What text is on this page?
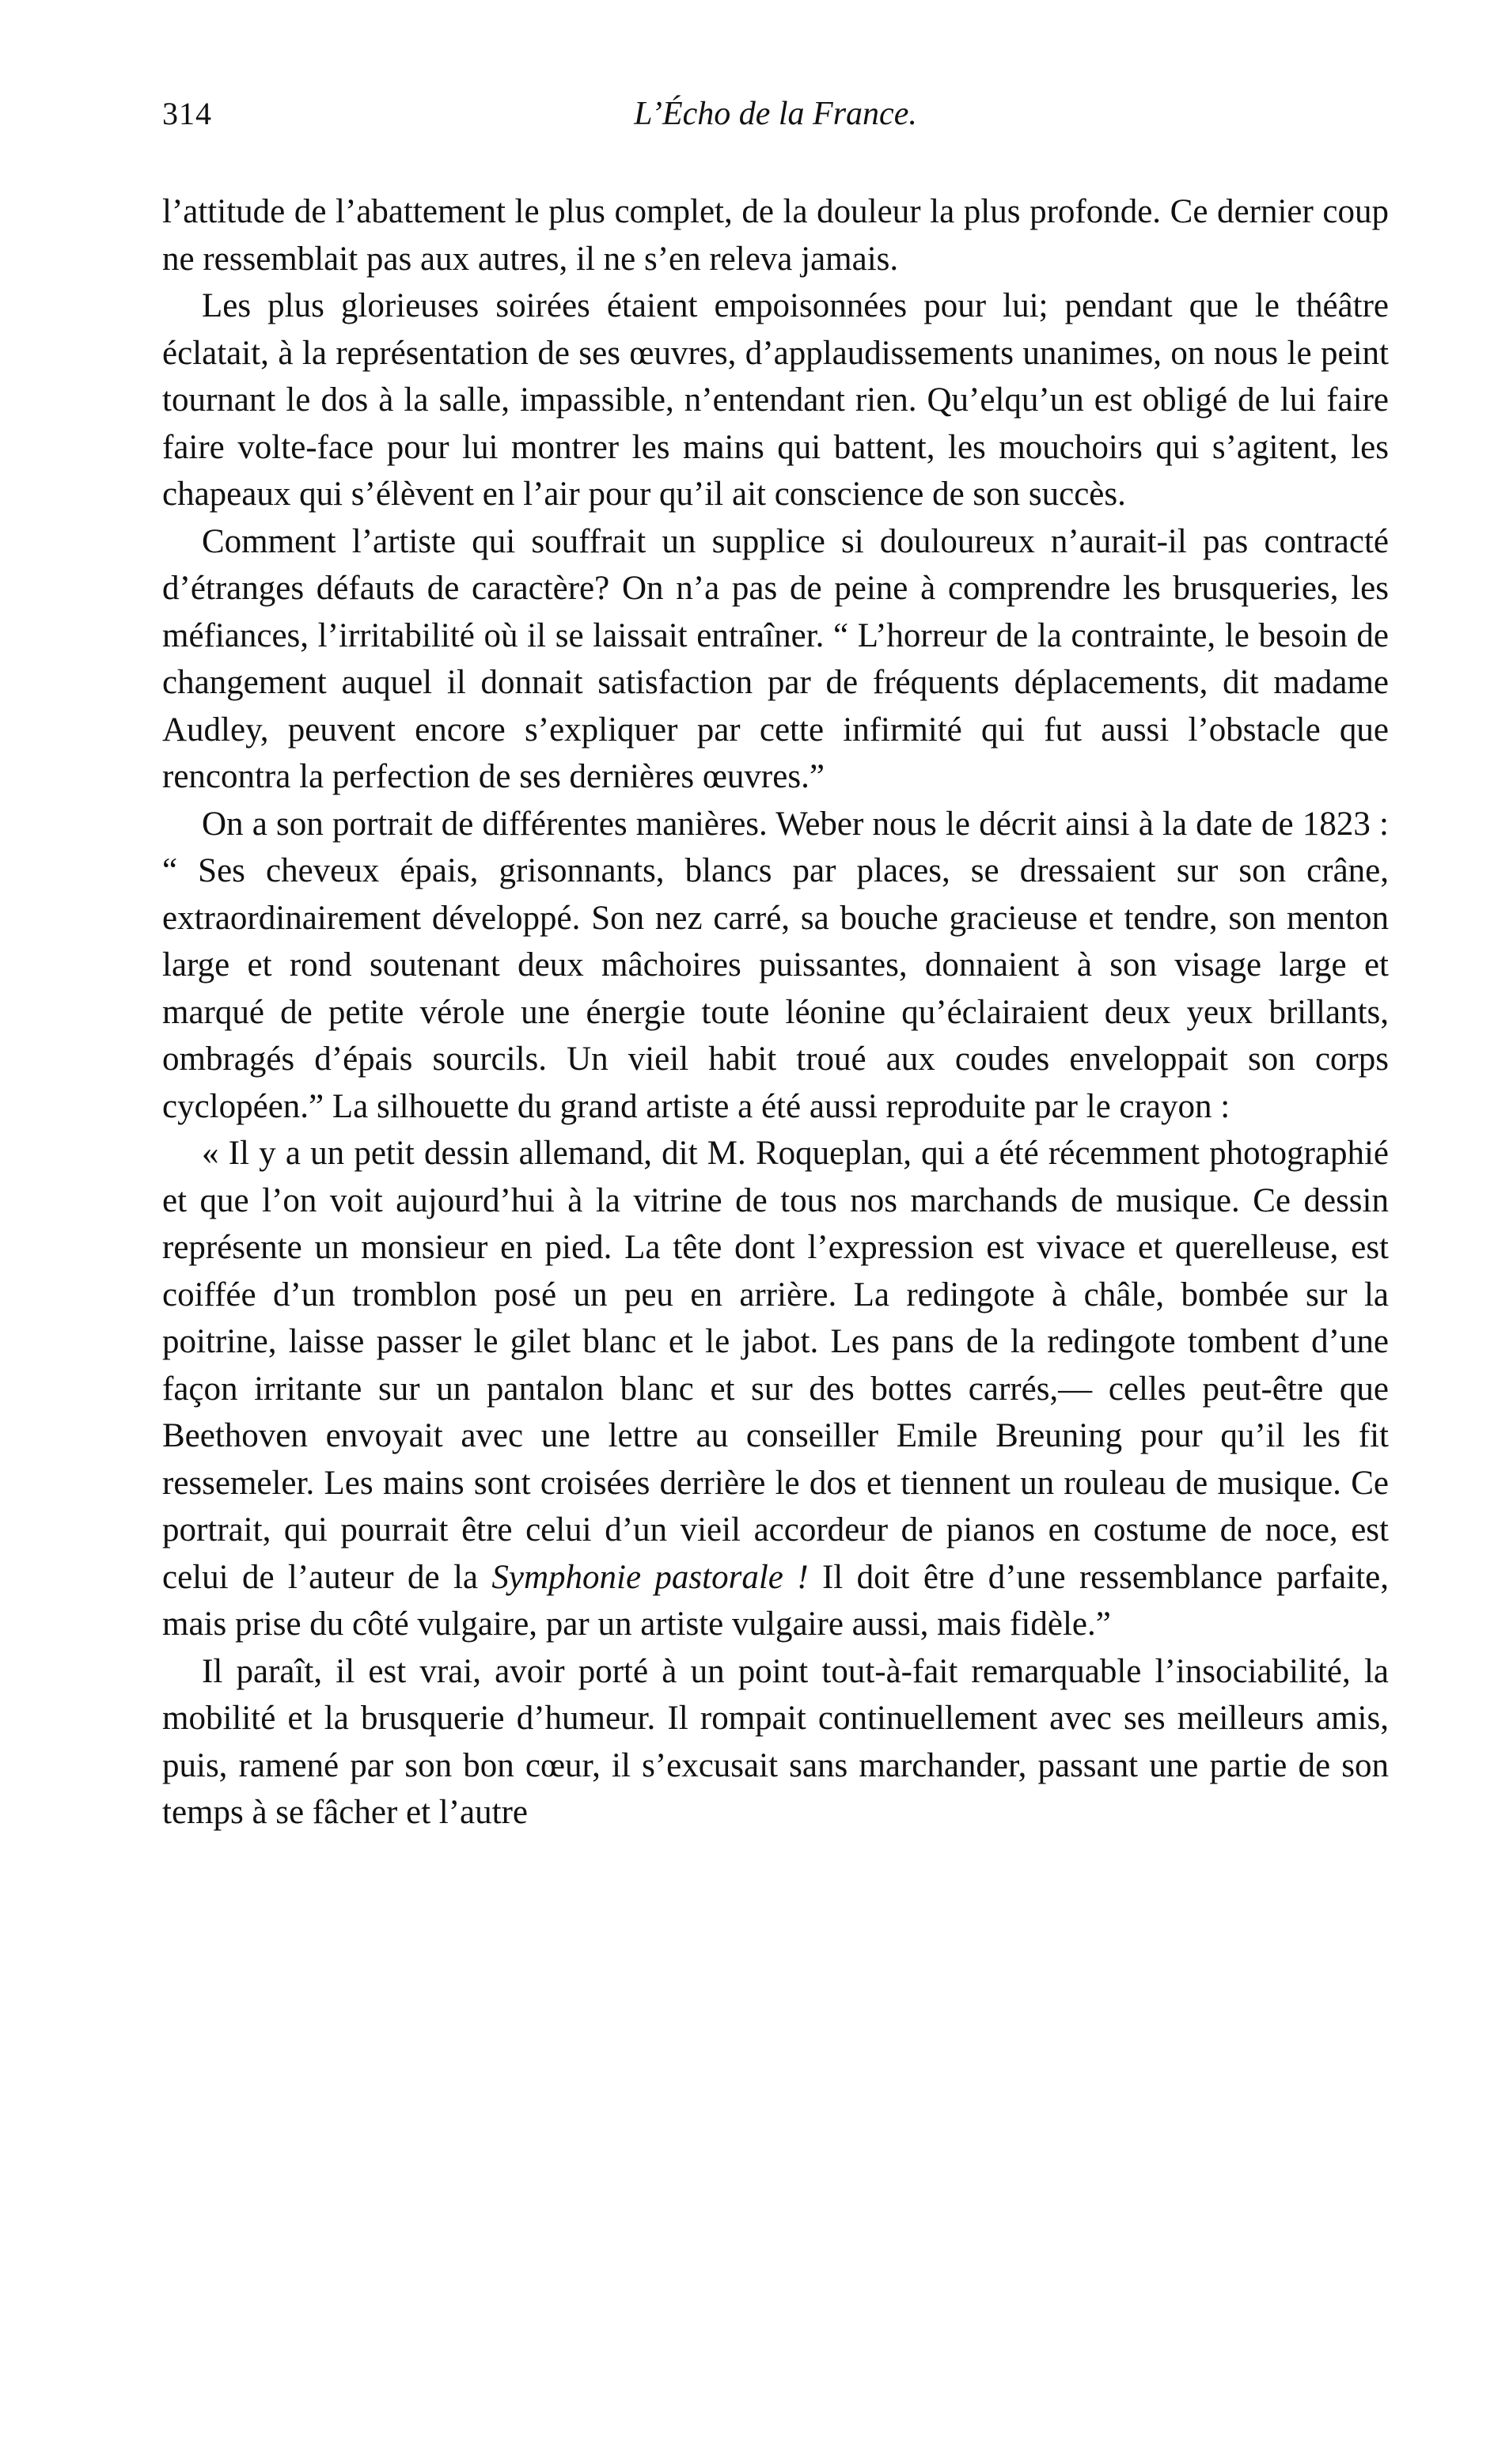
314	L’Écho de la France.

l’attitude de l’abattement le plus complet, de la douleur la plus profonde. Ce dernier coup ne ressemblait pas aux autres, il ne s’en releva jamais.

Les plus glorieuses soirées étaient empoisonnées pour lui; pendant que le théâtre éclatait, à la représentation de ses œuvres, d’applaudissements unanimes, on nous le peint tournant le dos à la salle, impassible, n’entendant rien. Qu’elqu’un est obligé de lui faire faire volte-face pour lui montrer les mains qui battent, les mouchoirs qui s’agitent, les chapeaux qui s’élèvent en l’air pour qu’il ait conscience de son succès.

Comment l’artiste qui souffrait un supplice si douloureux n’aurait-il pas contracté d’étranges défauts de caractère? On n’a pas de peine à comprendre les brusqueries, les méfiances, l’irritabilité où il se laissait entraîner. “ L’horreur de la contrainte, le besoin de changement auquel il donnait satisfaction par de fréquents déplacements, dit madame Audley, peuvent encore s’expliquer par cette infirmité qui fut aussi l’obstacle que rencontra la perfection de ses dernières œuvres.”

On a son portrait de différentes manières. Weber nous le décrit ainsi à la date de 1823 : “ Ses cheveux épais, grisonnants, blancs par places, se dressaient sur son crâne, extraordinairement développé. Son nez carré, sa bouche gracieuse et tendre, son menton large et rond soutenant deux mâchoires puissantes, donnaient à son visage large et marqué de petite vérole une énergie toute léonine qu’éclairaient deux yeux brillants, ombragés d’épais sourcils. Un vieil habit troué aux coudes enveloppait son corps cyclopéen.” La silhouette du grand artiste a été aussi reproduite par le crayon :

« Il y a un petit dessin allemand, dit M. Roqueplan, qui a été récemment photographié et que l’on voit aujourd’hui à la vitrine de tous nos marchands de musique. Ce dessin représente un monsieur en pied. La tête dont l’expression est vivace et querelleuse, est coiffée d’un tromblon posé un peu en arrière. La redingote à châle, bombée sur la poitrine, laisse passer le gilet blanc et le jabot. Les pans de la redingote tombent d’une façon irritante sur un pantalon blanc et sur des bottes carrés,— celles peut-être que Beethoven envoyait avec une lettre au conseiller Emile Breuning pour qu’il les fit ressemeler. Les mains sont croisées derrière le dos et tiennent un rouleau de musique. Ce portrait, qui pourrait être celui d’un vieil accordeur de pianos en costume de noce, est celui de l’auteur de la Symphonie pastorale ! Il doit être d’une ressemblance parfaite, mais prise du côté vulgaire, par un artiste vulgaire aussi, mais fidèle.”

Il paraît, il est vrai, avoir porté à un point tout-à-fait remarquable l’insociabilité, la mobilité et la brusquerie d’humeur. Il rompait continuellement avec ses meilleurs amis, puis, ramené par son bon cœur, il s’excusait sans marchander, passant une partie de son temps à se fâcher et l’autre
